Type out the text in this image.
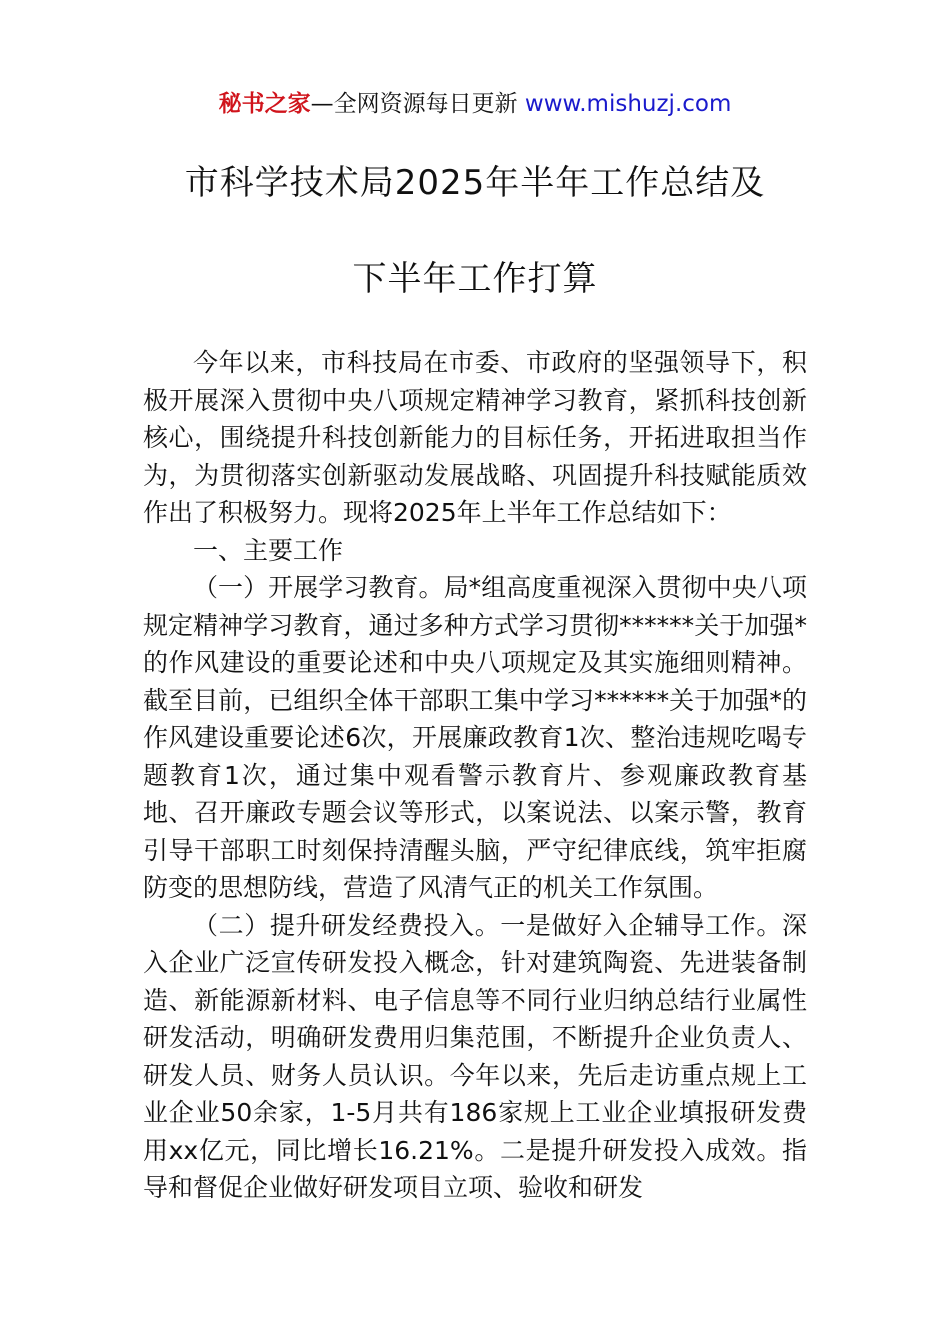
秘书之家—全网资源每日更新 www.mishuzj.com
市科学技术局2025年半年工作总结及
下半年工作打算

今年以来，市科技局在市委、市政府的坚强领导下，积极开展深入贯彻中央八项规定精神学习教育，紧抓科技创新核心，围绕提升科技创新能力的目标任务，开拓进取担当作为，为贯彻落实创新驱动发展战略、巩固提升科技赋能质效作出了积极努力。现将2025年上半年工作总结如下：

一、主要工作

（一）开展学习教育。局*组高度重视深入贯彻中央八项规定精神学习教育，通过多种方式学习贯彻******关于加强*的作风建设的重要论述和中央八项规定及其实施细则精神。截至目前，已组织全体干部职工集中学习******关于加强*的作风建设重要论述6次，开展廉政教育1次、整治违规吃喝专题教育1次，通过集中观看警示教育片、参观廉政教育基地、召开廉政专题会议等形式，以案说法、以案示警，教育引导干部职工时刻保持清醒头脑，严守纪律底线，筑牢拒腐防变的思想防线，营造了风清气正的机关工作氛围。

（二）提升研发经费投入。一是做好入企辅导工作。深入企业广泛宣传研发投入概念，针对建筑陶瓷、先进装备制造、新能源新材料、电子信息等不同行业归纳总结行业属性研发活动，明确研发费用归集范围，不断提升企业负责人、研发人员、财务人员认识。今年以来，先后走访重点规上工业企业50余家，1-5月共有186家规上工业企业填报研发费用xx亿元，同比增长16.21%。二是提升研发投入成效。指导和督促企业做好研发项目立项、验收和研发
